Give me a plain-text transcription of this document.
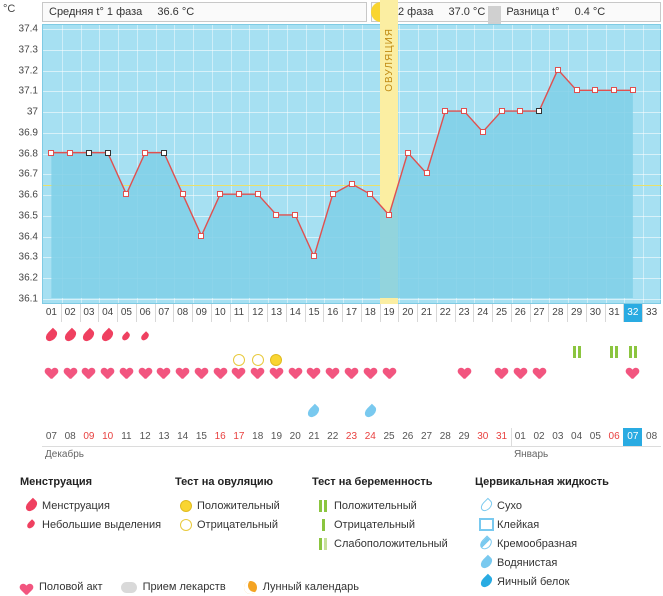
°C	Средняя t° 1 фаза 36.6 °C	2 фаза 37.0 °C Разница t° 0.4 °C
37.4
37.3
37.2
37.1
37
36.9
36.8
36.7
36.6
36.5
36.4
36.3
36.2
36.1
ОВУЛЯЦИЯ
01 02 03 04 05 06 07 08 09 10 11 12 13 14 15 16 17 18 19 20 21 22 23 24 25 26 27 28 29 30 31 32 33
07 08 09 10 11 12 13 14 15 16 17 18 19 20 21 22 23 24 25 26 27 28 29 30 31 01 02 03 04 05 06 07 08
Декабрь	Январь
Менструация
Менструация
Небольшие выделения
Тест на овуляцию
Положительный
Отрицательный
Тест на беременность
Положительный
Отрицательный
Слабоположительный
Цервикальная жидкость
Сухо
Клейкая
Кремообразная
Водянистая
Яичный белок
Половой акт	Прием лекарств	Лунный календарь
